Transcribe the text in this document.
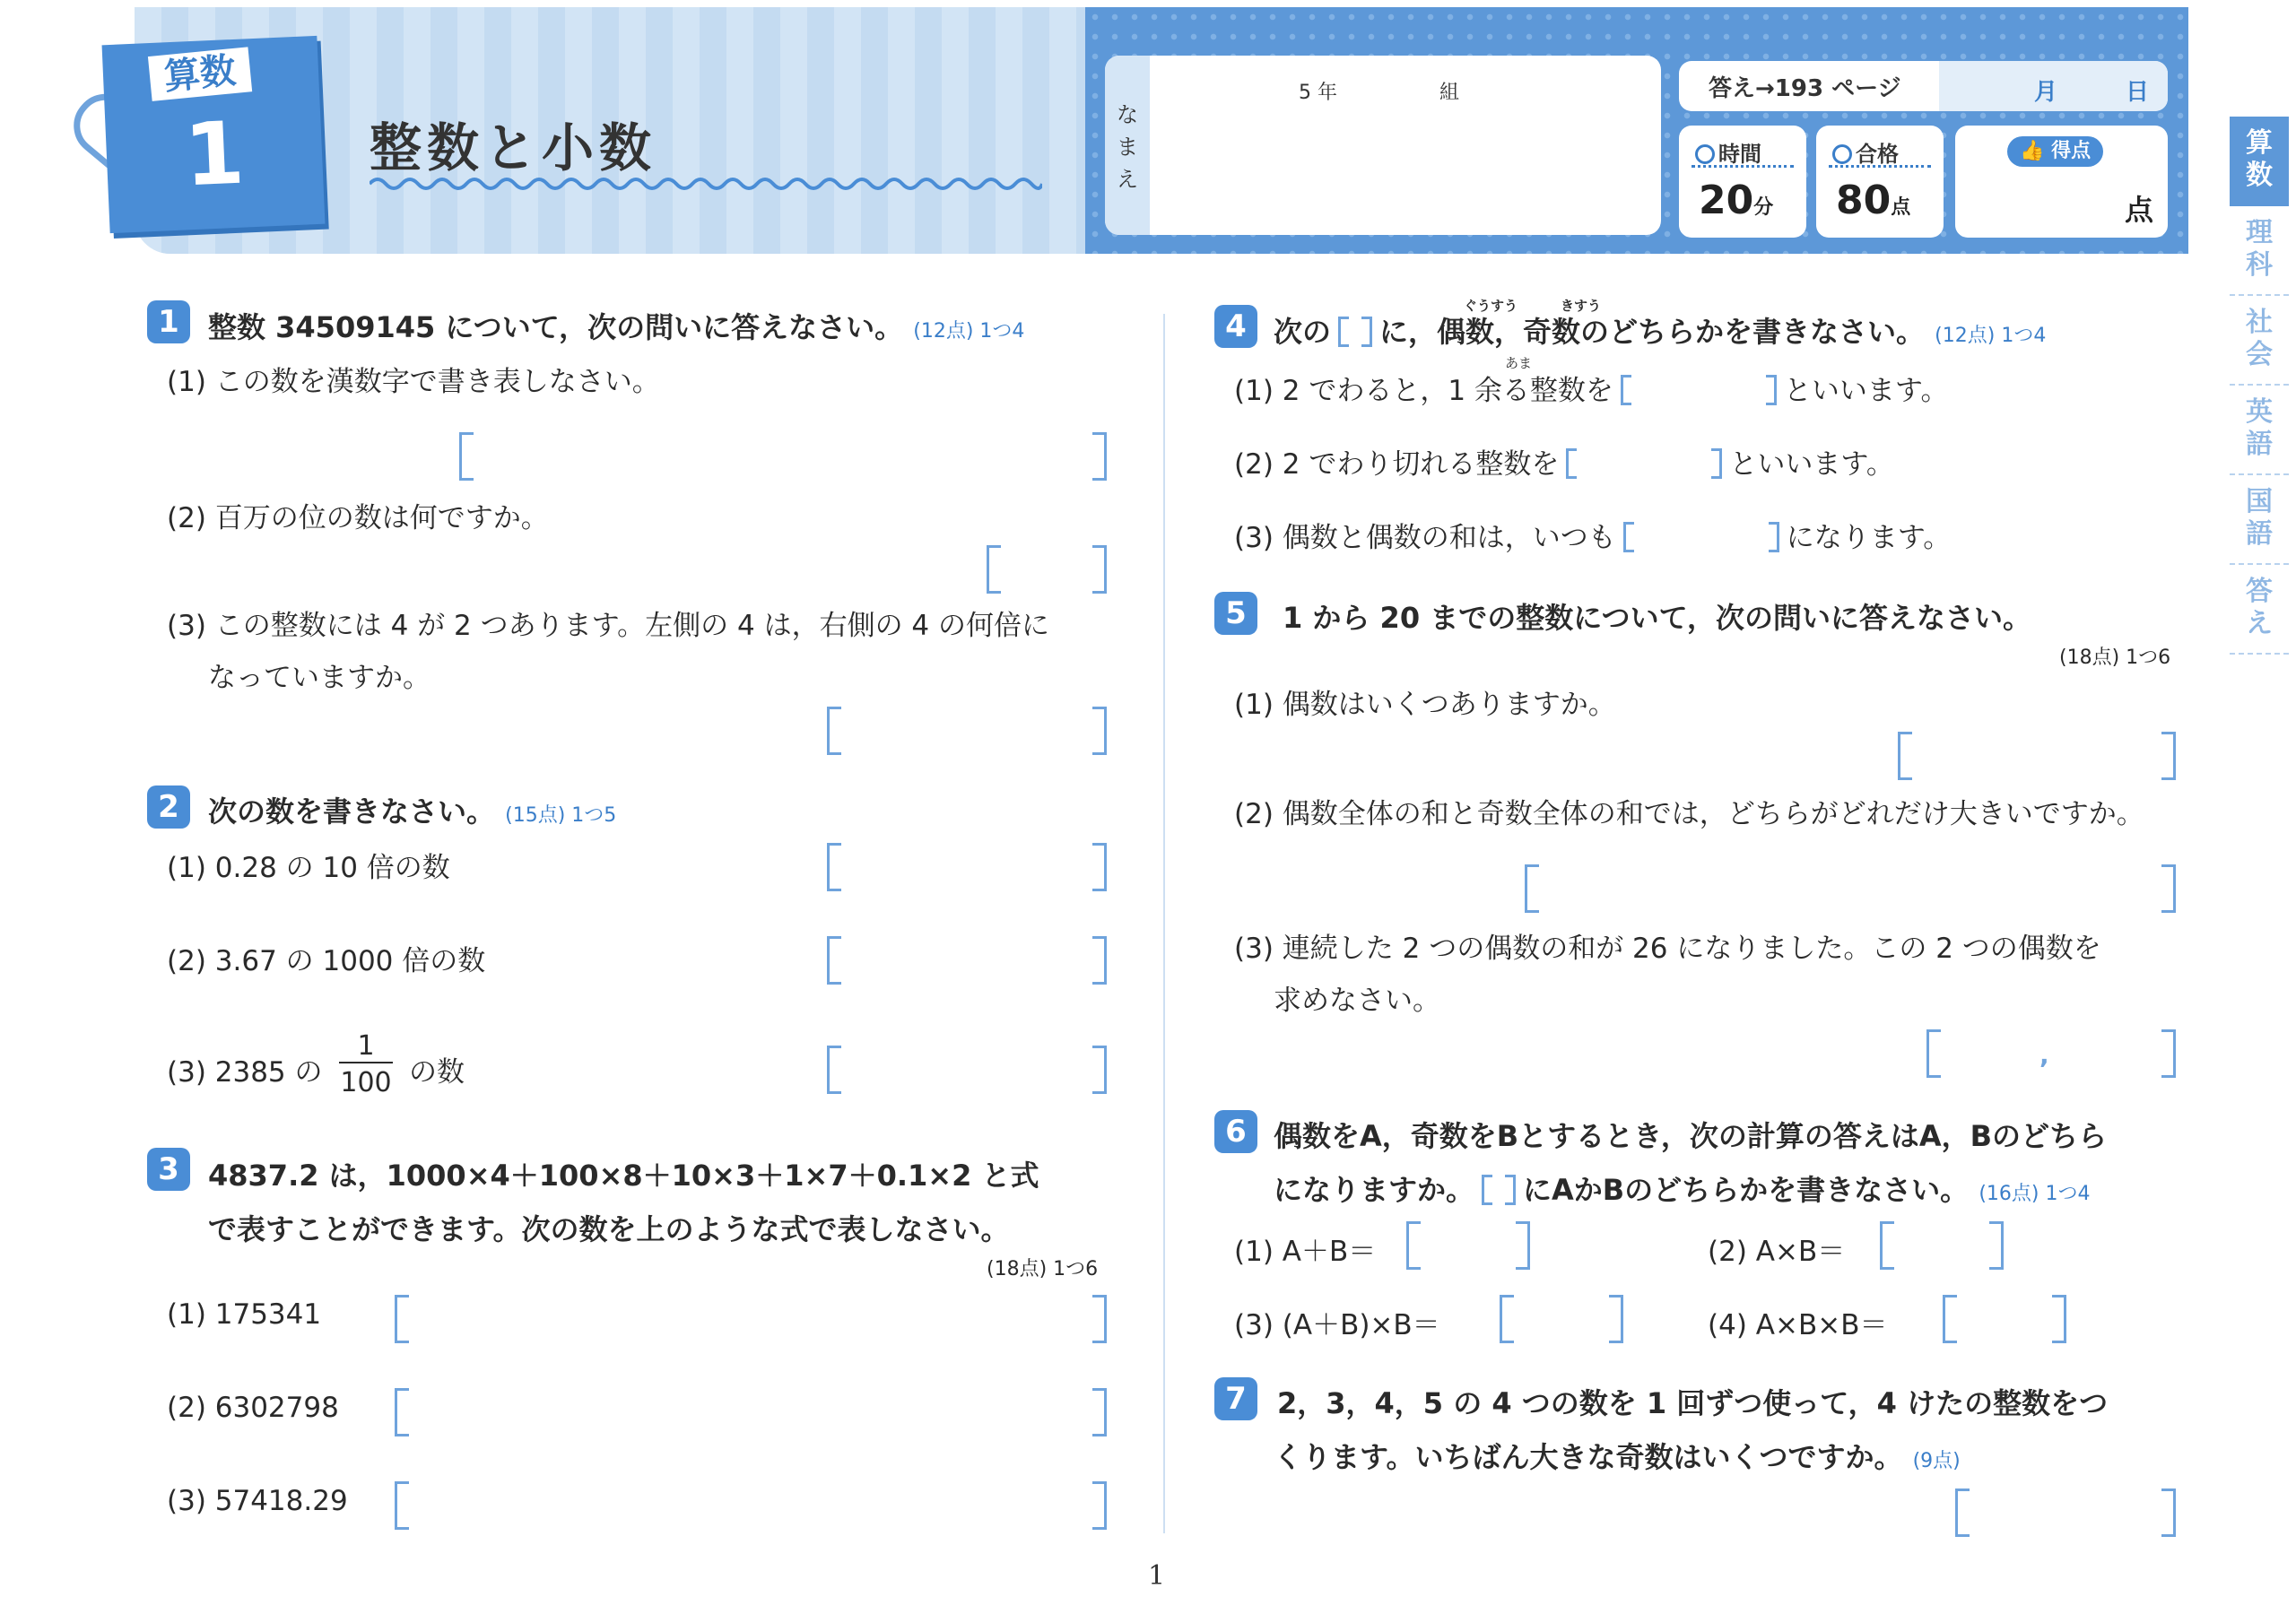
算数
1 整数と小数
な
ま
え

5 年	組	答え→193 ページ	月	日
時間
20分
合格
80点
👍 得点
点
算
数

理
科

社
会

英
語

国
語

答
え

1	整数 34509145 について，次の問いに答えなさい。 (12点) 1つ4
(1) この数を漢数字で書き表しなさい。
(2) 百万の位の数は何ですか。
(3) この整数には 4 が 2 つあります。左側の 4 は，右側の 4 の何倍に
なっていますか。
2	次の数を書きなさい。 (15点) 1つ5
(1) 0.28 の 10 倍の数
(2) 3.67 の 1000 倍の数
(3) 2385 の
1
100 の数
3	4837.2 は，1000×4＋100×8＋10×3＋1×7＋0.1×2 と式
で表すことができます。次の数を上のような式で表しなさい。
(18点) 1つ6
(1) 175341
(2) 6302798
(3) 57418.29
4
ぐうすう	きすう
次の に，偶数，奇数のどちらかを書きなさい。 (12点) 1つ4
あま
(1) 2 でわると，1 余る整数を	といいます。
(2) 2 でわり切れる整数を	といいます。
(3) 偶数と偶数の和は，いつも	になります。
5	1 から 20 までの整数について，次の問いに答えなさい。
(18点) 1つ6
(1) 偶数はいくつありますか。
(2) 偶数全体の和と奇数全体の和では，どちらがどれだけ大きいですか。
(3) 連続した 2 つの偶数の和が 26 になりました。この 2 つの偶数を
求めなさい。
,
6 偶数をA，奇数をBとするとき，次の計算の答えはA，Bのどちら
になりますか。 にAかBのどちらかを書きなさい。 (16点) 1つ4
(1) A＋B＝	(2) A×B＝
(3) (A＋B)×B＝	(4) A×B×B＝
7	2，3，4，5 の 4 つの数を 1 回ずつ使って，4 けたの整数をつ
くります。いちばん大きな奇数はいくつですか。 (9点)
1
